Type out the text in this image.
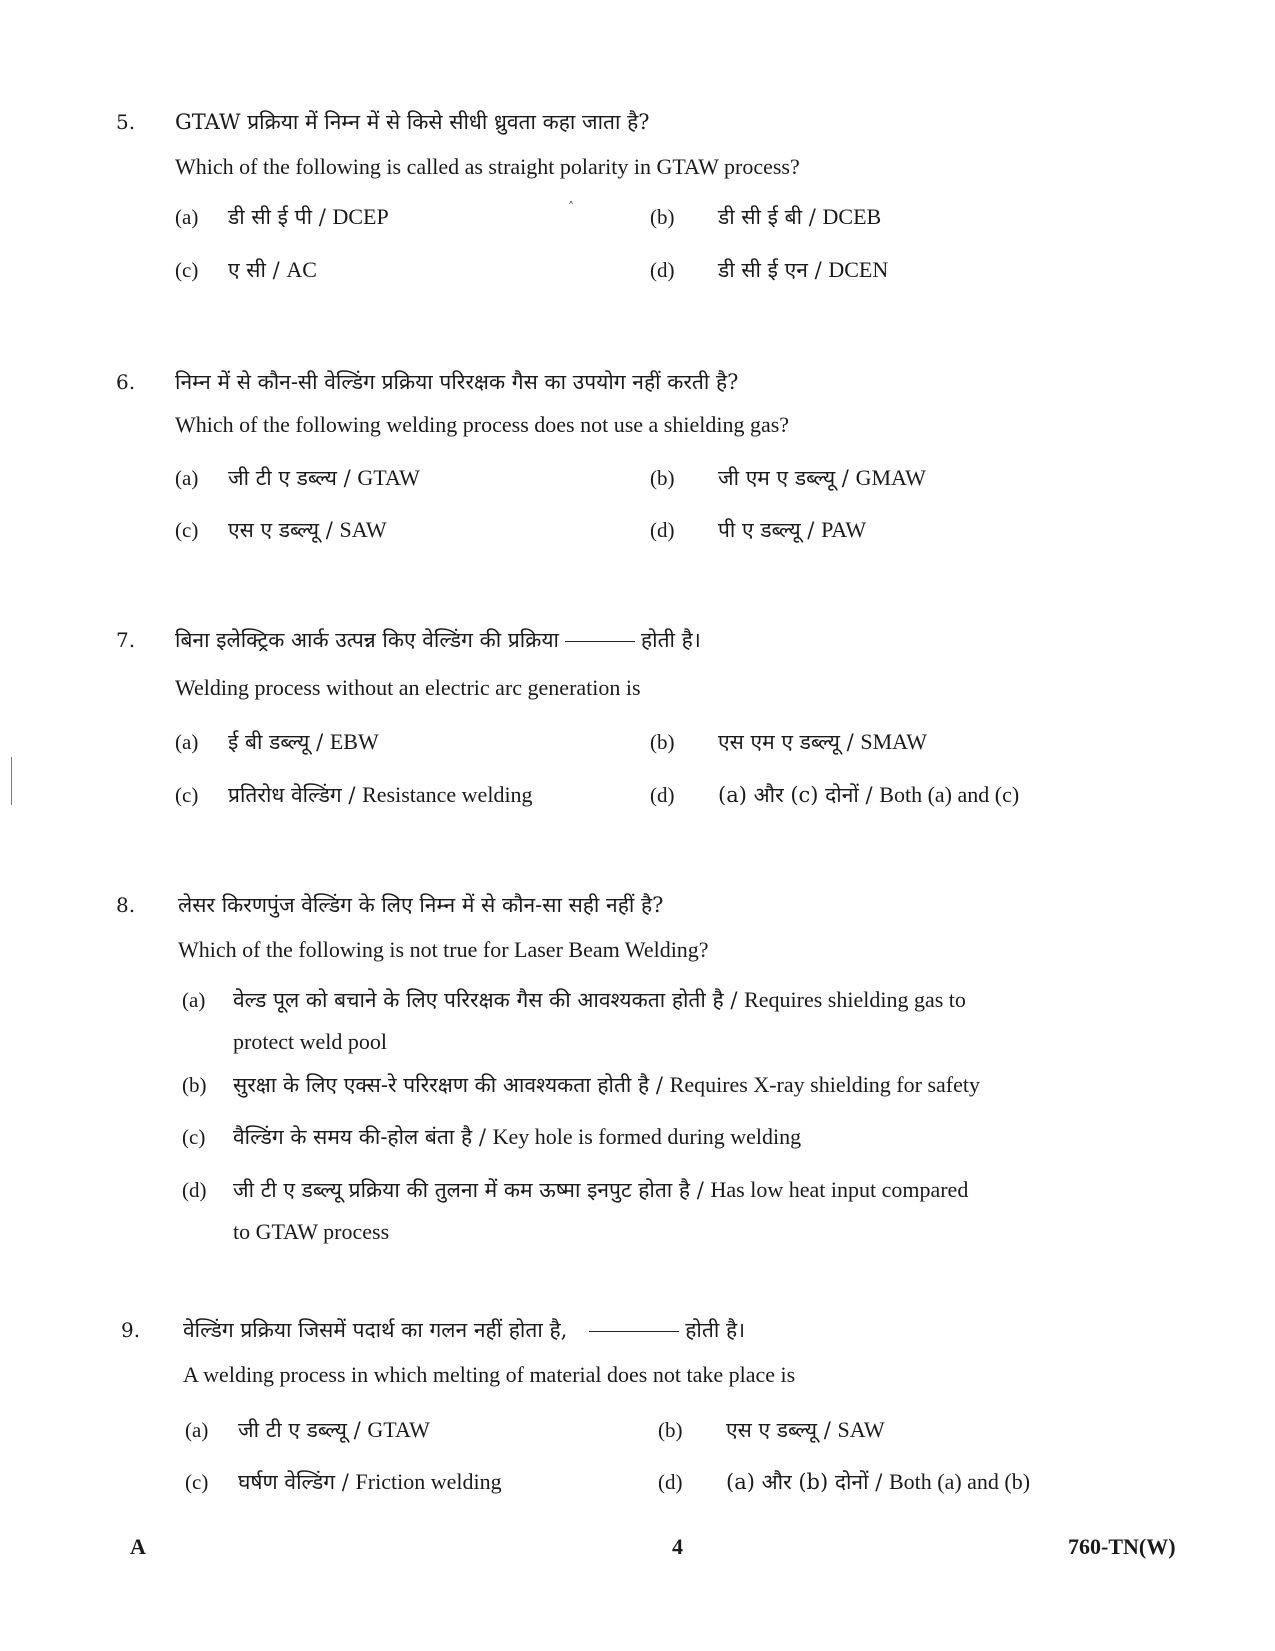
˄
5. GTAW प्रक्रिया में निम्न में से किसे सीधी ध्रुवता कहा जाता है?
Which of the following is called as straight polarity in GTAW process?
(a) डी सी ई पी / DCEP	(b) डी सी ई बी / DCEB
(c) ए सी / AC	(d) डी सी ई एन / DCEN
6. निम्न में से कौन-सी वेल्डिंग प्रक्रिया परिरक्षक गैस का उपयोग नहीं करती है?
Which of the following welding process does not use a shielding gas?
(a) जी टी ए डब्ल्य / GTAW	(b) जी एम ए डब्ल्यू / GMAW
(c) एस ए डब्ल्यू / SAW	(d) पी ए डब्ल्यू / PAW
7. बिना इलेक्ट्रिक आर्क उत्पन्न किए वेल्डिंग की प्रक्रिया	होती है।
Welding process without an electric arc generation is
(a) ई बी डब्ल्यू / EBW	(b) एस एम ए डब्ल्यू / SMAW
(c) प्रतिरोध वेल्डिंग / Resistance welding	(d) (a) और (c) दोनों / Both (a) and (c)
8. लेसर किरणपुंज वेल्डिंग के लिए निम्न में से कौन-सा सही नहीं है?
Which of the following is not true for Laser Beam Welding?
(a) वेल्ड पूल को बचाने के लिए परिरक्षक गैस की आवश्यकता होती है / Requires shielding gas to
protect weld pool
(b) सुरक्षा के लिए एक्स-रे परिरक्षण की आवश्यकता होती है / Requires X-ray shielding for safety
(c) वैल्डिंग के समय की-होल बंता है / Key hole is formed during welding
(d) जी टी ए डब्ल्यू प्रक्रिया की तुलना में कम ऊष्मा इनपुट होता है / Has low heat input compared
to GTAW process
9. वेल्डिंग प्रक्रिया जिसमें पदार्थ का गलन नहीं होता है,	होती है।
A welding process in which melting of material does not take place is
(a) जी टी ए डब्ल्यू / GTAW	(b) एस ए डब्ल्यू / SAW
(c) घर्षण वेल्डिंग / Friction welding	(d) (a) और (b) दोनों / Both (a) and (b)
A	4	760-TN(W)
